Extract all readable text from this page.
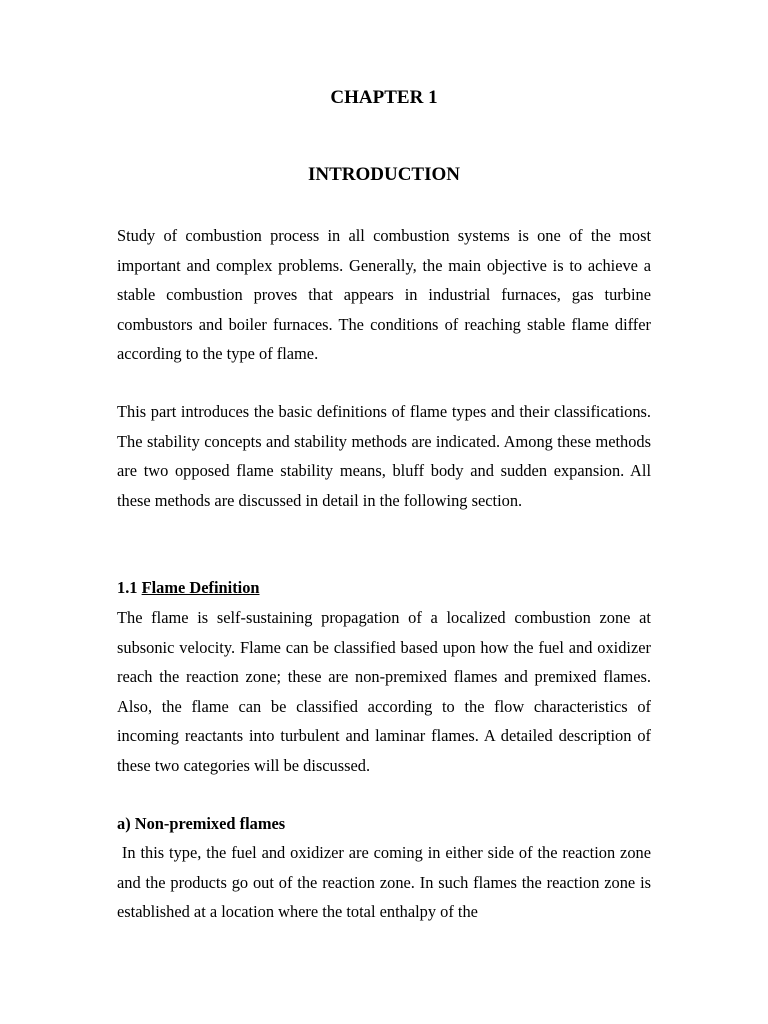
CHAPTER 1
INTRODUCTION

Study of combustion process in all combustion systems is one of the most important and complex problems. Generally, the main objective is to achieve a stable combustion proves that appears in industrial furnaces, gas turbine combustors and boiler furnaces. The conditions of reaching stable flame differ according to the type of flame.

This part introduces the basic definitions of flame types and their classifications. The stability concepts and stability methods are indicated. Among these methods are two opposed flame stability means, bluff body and sudden expansion. All these methods are discussed in detail in the following section.

1.1 Flame Definition

The flame is self-sustaining propagation of a localized combustion zone at subsonic velocity. Flame can be classified based upon how the fuel and oxidizer reach the reaction zone; these are non-premixed flames and premixed flames. Also, the flame can be classified according to the flow characteristics of incoming reactants into turbulent and laminar flames. A detailed description of these two categories will be discussed.

a) Non-premixed flames

In this type, the fuel and oxidizer are coming in either side of the reaction zone and the products go out of the reaction zone. In such flames the reaction zone is established at a location where the total enthalpy of the
